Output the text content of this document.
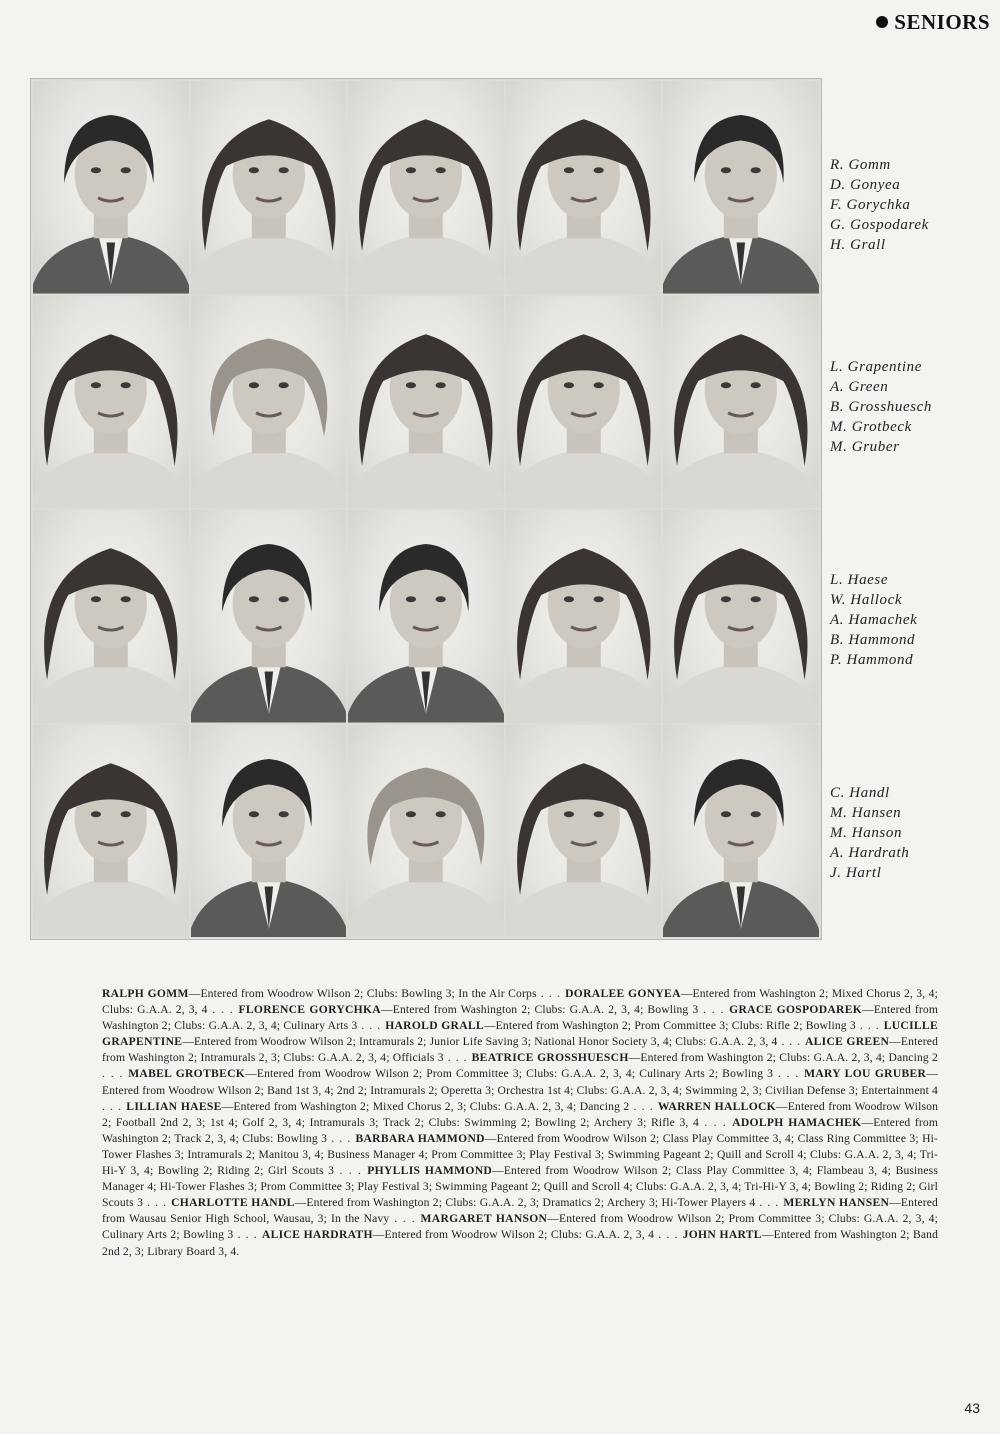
SENIORS
R. Gomm
D. Gonyea
F. Gorychka
G. Gospodarek
H. Grall
L. Grapentine
A. Green
B. Grosshuesch
M. Grotbeck
M. Gruber
L. Haese
W. Hallock
A. Hamachek
B. Hammond
P. Hammond
C. Handl
M. Hansen
M. Hanson
A. Hardrath
J. Hartl
RALPH GOMM—Entered from Woodrow Wilson 2; Clubs: Bowling 3; In the Air Corps . . . DORALEE GONYEA—Entered from Washington 2; Mixed Chorus 2, 3, 4; Clubs: G.A.A. 2, 3, 4 . . . FLORENCE GORYCHKA—Entered from Washington 2; Clubs: G.A.A. 2, 3, 4; Bowling 3 . . . GRACE GOSPODAREK—Entered from Washington 2; Clubs: G.A.A. 2, 3, 4; Culinary Arts 3 . . . HAROLD GRALL—Entered from Washington 2; Prom Committee 3; Clubs: Rifle 2; Bowling 3 . . . LUCILLE GRAPENTINE—Entered from Woodrow Wilson 2; Intramurals 2; Junior Life Saving 3; National Honor Society 3, 4; Clubs: G.A.A. 2, 3, 4 . . . ALICE GREEN—Entered from Washington 2; Intramurals 2, 3; Clubs: G.A.A. 2, 3, 4; Officials 3 . . . BEATRICE GROSSHUESCH—Entered from Washington 2; Clubs: G.A.A. 2, 3, 4; Dancing 2 . . . MABEL GROTBECK—Entered from Woodrow Wilson 2; Prom Committee 3; Clubs: G.A.A. 2, 3, 4; Culinary Arts 2; Bowling 3 . . . MARY LOU GRUBER—Entered from Woodrow Wilson 2; Band 1st 3, 4; 2nd 2; Intramurals 2; Operetta 3; Orchestra 1st 4; Clubs: G.A.A. 2, 3, 4; Swimming 2, 3; Civilian Defense 3; Entertainment 4 . . . LILLIAN HAESE—Entered from Washington 2; Mixed Chorus 2, 3; Clubs: G.A.A. 2, 3, 4; Dancing 2 . . . WARREN HALLOCK—Entered from Woodrow Wilson 2; Football 2nd 2, 3; 1st 4; Golf 2, 3, 4; Intramurals 3; Track 2; Clubs: Swimming 2; Bowling 2; Archery 3; Rifle 3, 4 . . . ADOLPH HAMACHEK—Entered from Washington 2; Track 2, 3, 4; Clubs: Bowling 3 . . . BARBARA HAMMOND—Entered from Woodrow Wilson 2; Class Play Committee 3, 4; Class Ring Committee 3; Hi-Tower Flashes 3; Intramurals 2; Manitou 3, 4; Business Manager 4; Prom Committee 3; Play Festival 3; Swimming Pageant 2; Quill and Scroll 4; Clubs: G.A.A. 2, 3, 4; Tri-Hi-Y 3, 4; Bowling 2; Riding 2; Girl Scouts 3 . . . PHYLLIS HAMMOND—Entered from Woodrow Wilson 2; Class Play Committee 3, 4; Flambeau 3, 4; Business Manager 4; Hi-Tower Flashes 3; Prom Committee 3; Play Festival 3; Swimming Pageant 2; Quill and Scroll 4; Clubs: G.A.A. 2, 3, 4; Tri-Hi-Y 3, 4; Bowling 2; Riding 2; Girl Scouts 3 . . . CHARLOTTE HANDL—Entered from Washington 2; Clubs: G.A.A. 2, 3; Dramatics 2; Archery 3; Hi-Tower Players 4 . . . MERLYN HANSEN—Entered from Wausau Senior High School, Wausau, 3; In the Navy . . . MARGARET HANSON—Entered from Woodrow Wilson 2; Prom Committee 3; Clubs: G.A.A. 2, 3, 4; Culinary Arts 2; Bowling 3 . . . ALICE HARDRATH—Entered from Woodrow Wilson 2; Clubs: G.A.A. 2, 3, 4 . . . JOHN HARTL—Entered from Washington 2; Band 2nd 2, 3; Library Board 3, 4.
43
